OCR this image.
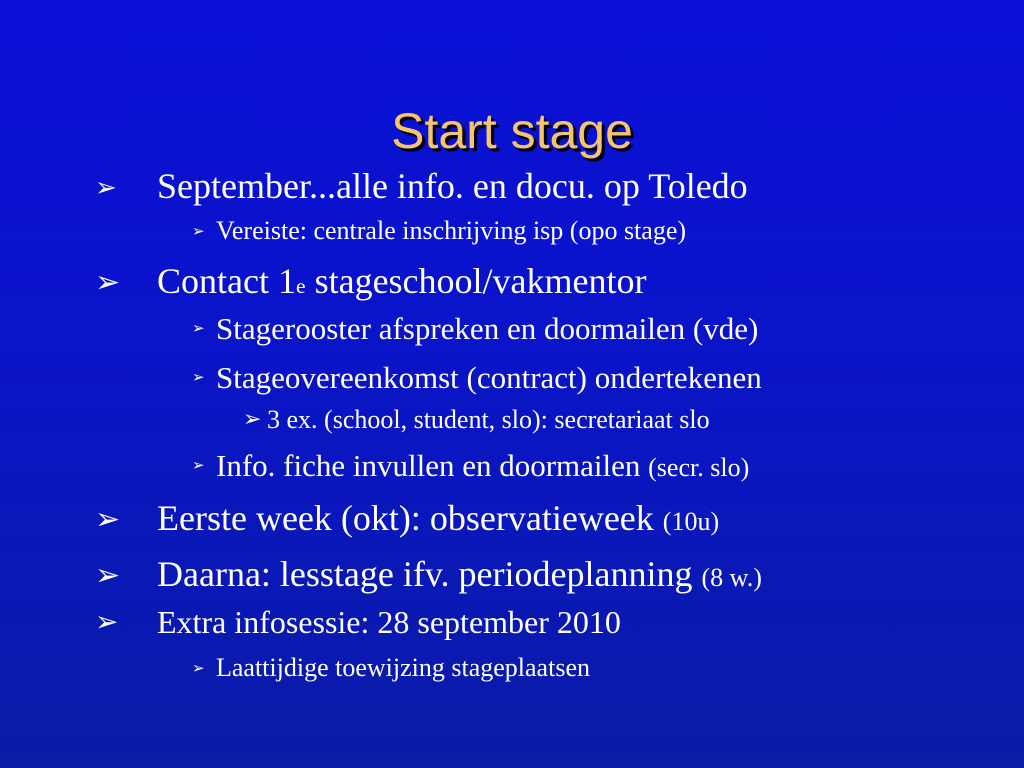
Start stage
➢ September...alle info. en docu. op Toledo
➢ Vereiste: centrale inschrijving isp (opo stage)
➢ Contact 1e stageschool/vakmentor
➢ Stagerooster afspreken en doormailen (vde)
➢ Stageovereenkomst (contract) ondertekenen
➢ 3 ex. (school, student, slo): secretariaat slo
➢ Info. fiche invullen en doormailen (secr. slo)
➢ Eerste week (okt): observatieweek (10u)
➢ Daarna: lesstage ifv. periodeplanning (8 w.)
➢ Extra infosessie: 28 september 2010
➢ Laattijdige toewijzing stageplaatsen
